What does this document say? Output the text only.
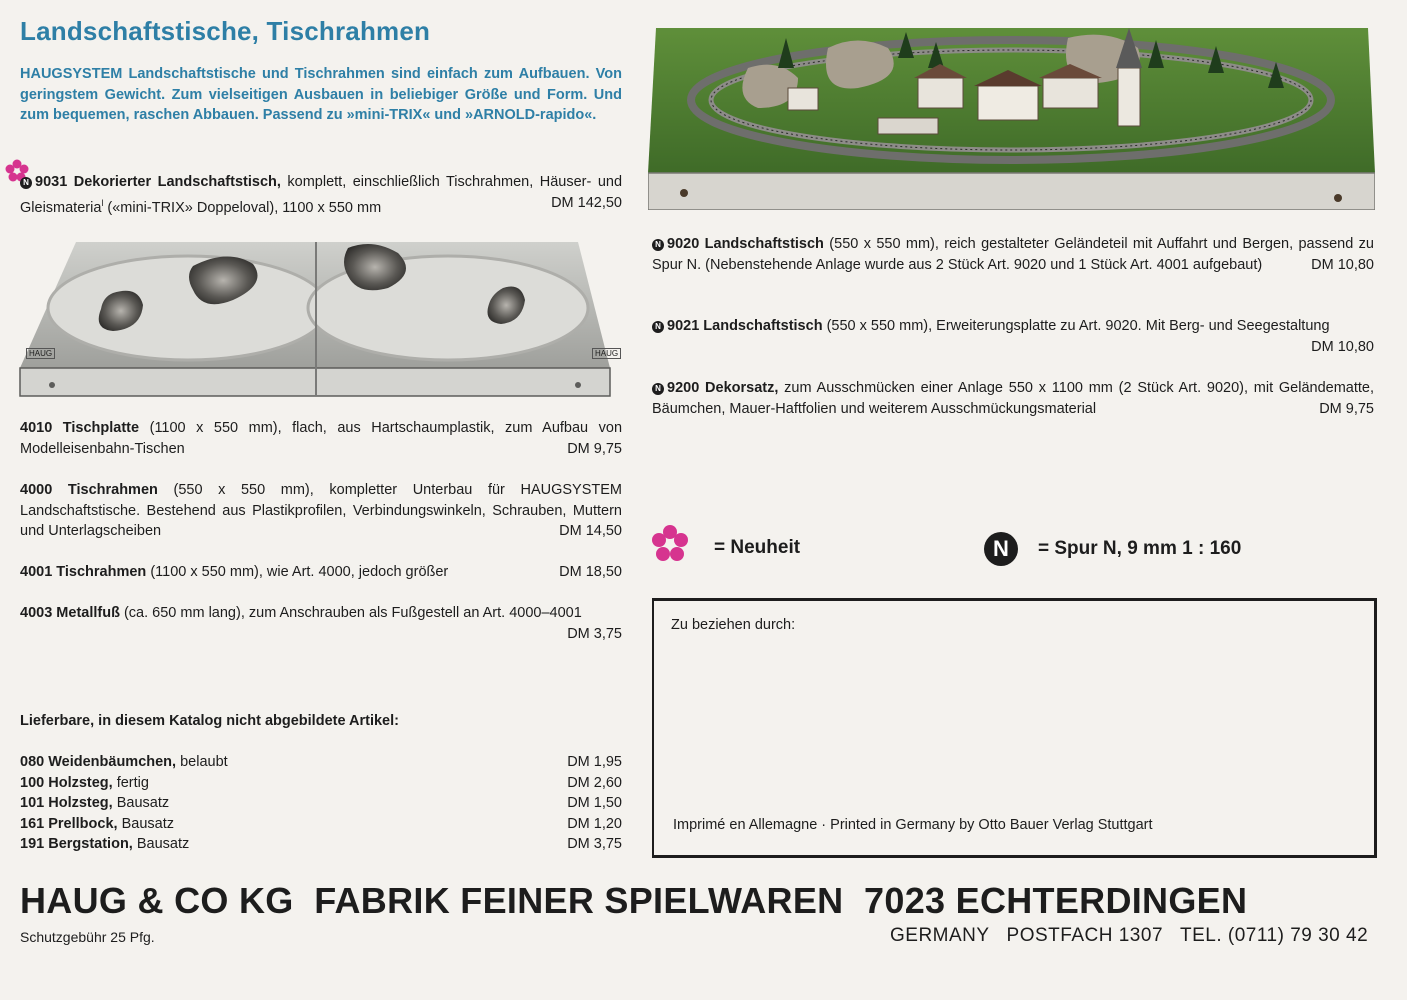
Landschaftstische, Tischrahmen
HAUGSYSTEM Landschaftstische und Tischrahmen sind einfach zum Aufbauen. Von geringstem Gewicht. Zum vielseitigen Ausbauen in beliebiger Größe und Form. Und zum bequemen, raschen Abbauen. Passend zu »mini-TRIX« und »ARNOLD-rapido«.
N 9031 Dekorierter Landschaftstisch, komplett, einschließlich Tischrahmen, Häuser- und Gleismateria$^l$ («mini-TRIX» Doppeloval), 1100 x 550 mm	DM 142,50
HAUG	HAUG
4010 Tischplatte (1100 x 550 mm), flach, aus Hartschaumplastik, zum Aufbau von Modelleisenbahn-Tischen	DM 9,75
4000 Tischrahmen (550 x 550 mm), kompletter Unterbau für HAUGSYSTEM Landschaftstische. Bestehend aus Plastikprofilen, Verbindungswinkeln, Schrauben, Muttern und Unterlagscheiben	DM 14,50
4001 Tischrahmen (1100 x 550 mm), wie Art. 4000, jedoch größer	DM 18,50
4003 Metallfuß (ca. 650 mm lang), zum Anschrauben als Fußgestell an Art. 4000–4001
DM 3,75
Lieferbare, in diesem Katalog nicht abgebildete Artikel:
080 Weidenbäumchen, belaubt	DM 1,95
100 Holzsteg, fertig	DM 2,60
101 Holzsteg, Bausatz	DM 1,50
161 Prellbock, Bausatz	DM 1,20
191 Bergstation, Bausatz	DM 3,75
N 9020 Landschaftstisch (550 x 550 mm), reich gestalteter Geländeteil mit Auffahrt und Bergen, passend zu Spur N. (Nebenstehende Anlage wurde aus 2 Stück Art. 9020 und 1 Stück Art. 4001 aufgebaut)	DM 10,80
N 9021 Landschaftstisch (550 x 550 mm), Erweiterungsplatte zu Art. 9020. Mit Berg- und Seegestaltung
DM 10,80
N 9200 Dekorsatz, zum Ausschmücken einer Anlage 550 x 1100 mm (2 Stück Art. 9020), mit Geländematte, Bäumchen, Mauer-Haftfolien und weiterem Ausschmückungsmaterial	DM 9,75
= Neuheit	N	= Spur N, 9 mm 1 : 160
Zu beziehen durch:
Imprimé en Allemagne · Printed in Germany by Otto Bauer Verlag Stuttgart
HAUG & CO KG  FABRIK FEINER SPIELWAREN  7023 ECHTERDINGEN
Schutzgebühr 25 Pfg.	GERMANY   POSTFACH 1307   TEL. (0711) 79 30 42
